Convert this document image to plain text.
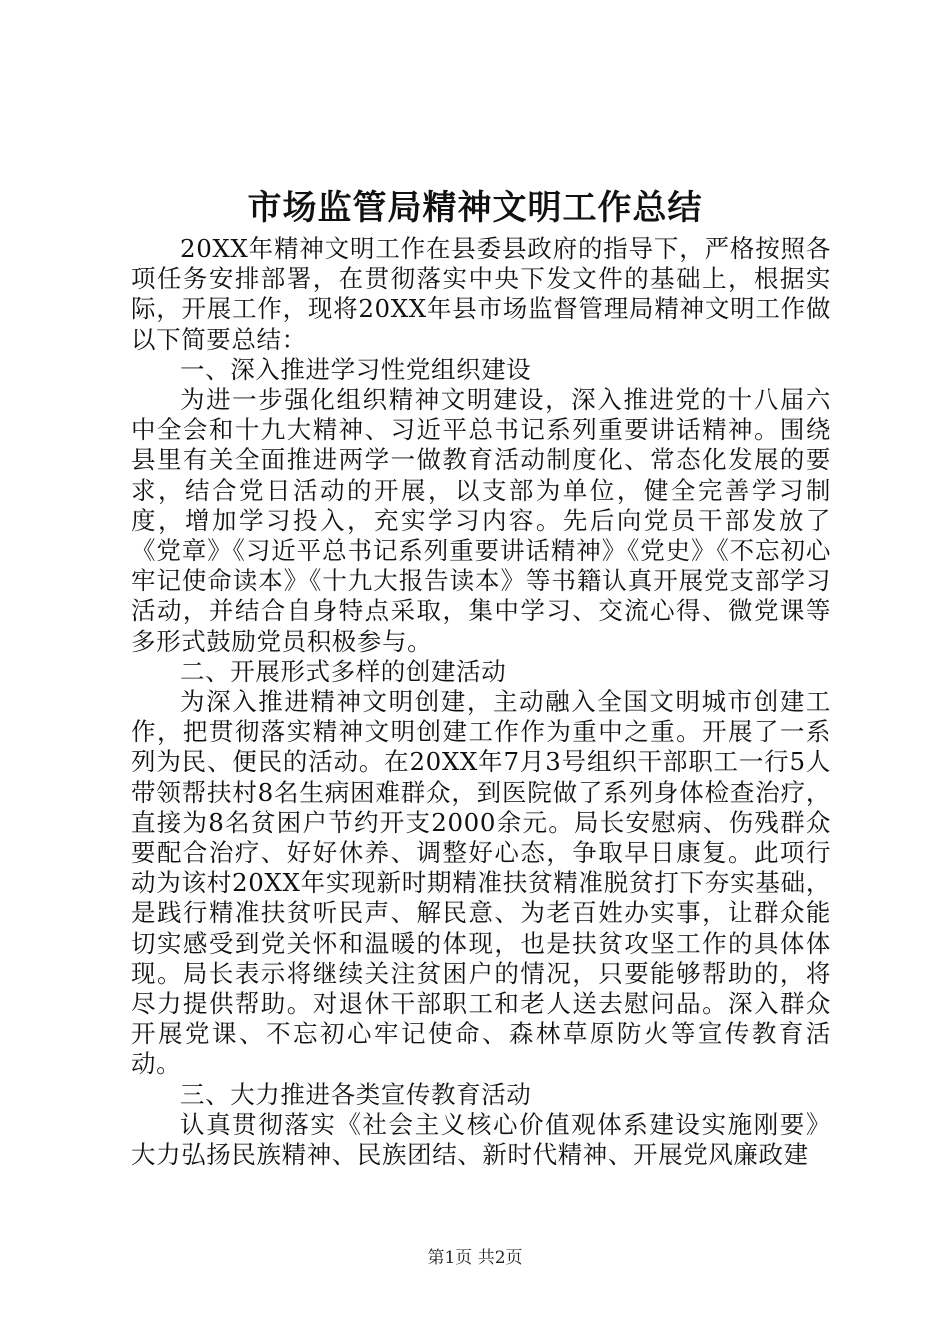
市场监管局精神文明工作总结

20XX年精神文明工作在县委县政府的指导下，严格按照各项任务安排部署，在贯彻落实中央下发文件的基础上，根据实际，开展工作，现将20XX年县市场监督管理局精神文明工作做以下简要总结：

一、深入推进学习性党组织建设

为进一步强化组织精神文明建设，深入推进党的十八届六中全会和十九大精神、习近平总书记系列重要讲话精神。围绕县里有关全面推进两学一做教育活动制度化、常态化发展的要求，结合党日活动的开展，以支部为单位，健全完善学习制度，增加学习投入，充实学习内容。先后向党员干部发放了《党章》《习近平总书记系列重要讲话精神》《党史》《不忘初心牢记使命读本》《十九大报告读本》等书籍认真开展党支部学习活动，并结合自身特点采取，集中学习、交流心得、微党课等多形式鼓励党员积极参与。

二、开展形式多样的创建活动

为深入推进精神文明创建，主动融入全国文明城市创建工作，把贯彻落实精神文明创建工作作为重中之重。开展了一系列为民、便民的活动。在20XX年7月3号组织干部职工一行5人带领帮扶村8名生病困难群众，到医院做了系列身体检查治疗，直接为8名贫困户节约开支2000余元。局长安慰病、伤残群众要配合治疗、好好休养、调整好心态，争取早日康复。此项行动为该村20XX年实现新时期精准扶贫精准脱贫打下夯实基础，是践行精准扶贫听民声、解民意、为老百姓办实事，让群众能切实感受到党关怀和温暖的体现，也是扶贫攻坚工作的具体体现。局长表示将继续关注贫困户的情况，只要能够帮助的，将尽力提供帮助。对退休干部职工和老人送去慰问品。深入群众开展党课、不忘初心牢记使命、森林草原防火等宣传教育活动。

三、大力推进各类宣传教育活动

认真贯彻落实《社会主义核心价值观体系建设实施刚要》大力弘扬民族精神、民族团结、新时代精神、开展党风廉政建

第1页 共2页
